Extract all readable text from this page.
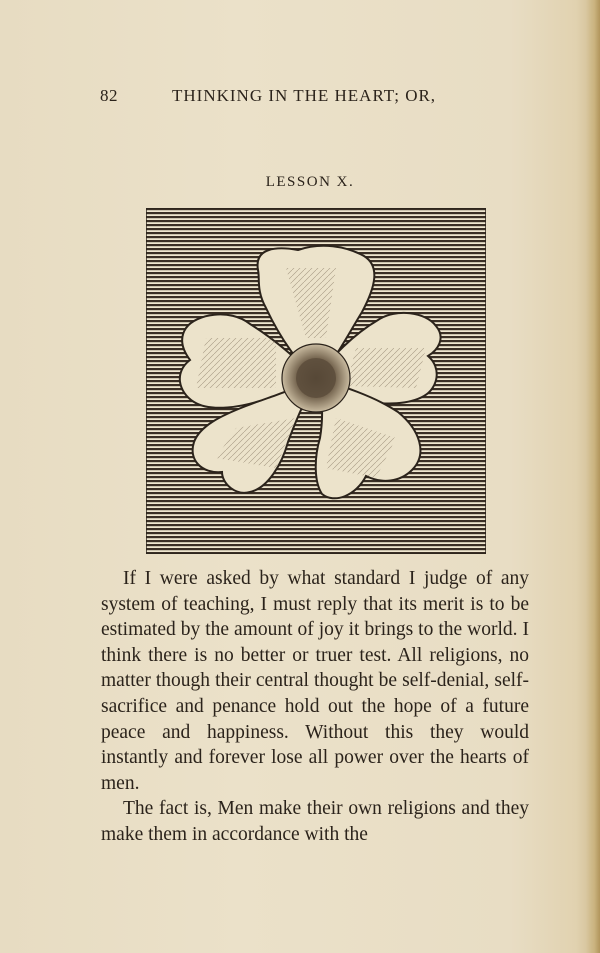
82	THINKING IN THE HEART; OR,
LESSON X.

If I were asked by what standard I judge of any system of teaching, I must reply that its merit is to be estimated by the amount of joy it brings to the world. I think there is no better or truer test. All religions, no matter though their central thought be self-denial, self-sacrifice and penance hold out the hope of a future peace and happiness. Without this they would instantly and forever lose all power over the hearts of men.

The fact is, Men make their own religions and they make them in accordance with the
